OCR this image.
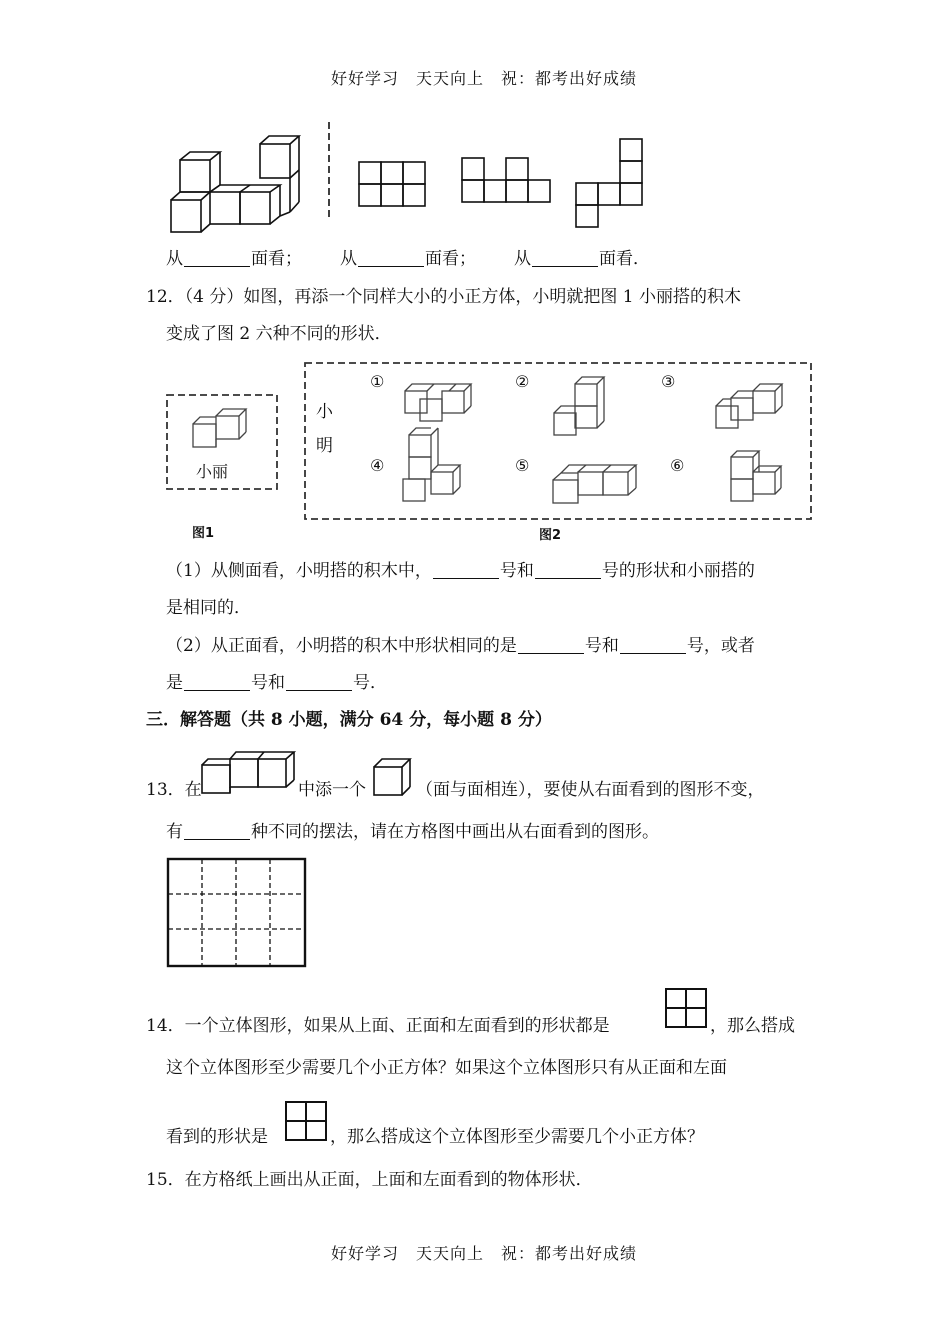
好好学习　天天向上　祝：都考出好成绩
好好学习　天天向上　祝：都考出好成绩
从	面看； 从	面看； 从	面看．
12．（4 分）如图，再添一个同样大小的小正方体，小明就把图 1 小丽搭的积木
变成了图 2 六种不同的形状．
小丽
图1
小
明
①	②	③
④	⑤	⑥
图2
（1）从侧面看，小明搭的积木中，	号和	号的形状和小丽搭的
是相同的．
（2）从正面看，小明搭的积木中形状相同的是	号和	号，或者
是	号和	号．
三．解答题（共 8 小题，满分 64 分，每小题 8 分）
13．在	中添一个	（面与面相连），要使从右面看到的图形不变，
有	种不同的摆法，请在方格图中画出从右面看到的图形。
14．一个立体图形，如果从上面、正面和左面看到的形状都是	，那么搭成
这个立体图形至少需要几个小正方体？如果这个立体图形只有从正面和左面
看到的形状是	，那么搭成这个立体图形至少需要几个小正方体？
15．在方格纸上画出从正面，上面和左面看到的物体形状．
